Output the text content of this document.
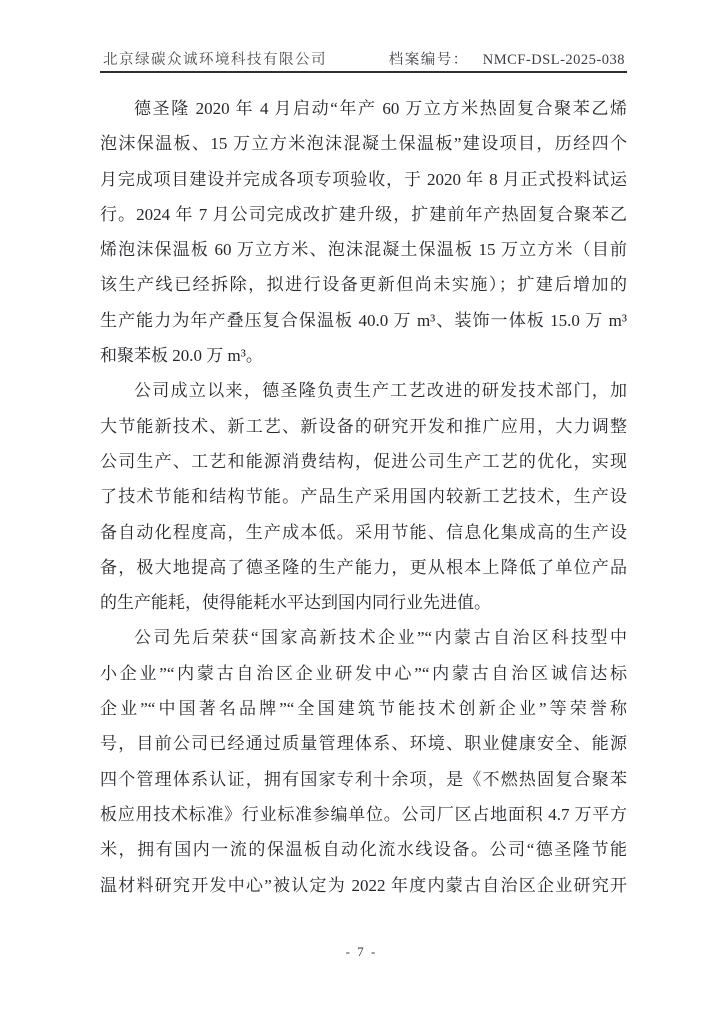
北京绿碳众诚环境科技有限公司	档案编号： NMCF-DSL-2025-038
德圣隆 2020 年 4 月启动“年产 60 万立方米热固复合聚苯乙烯
泡沫保温板、15 万立方米泡沫混凝土保温板”建设项目，历经四个
月完成项目建设并完成各项专项验收，于 2020 年 8 月正式投料试运
行。2024 年 7 月公司完成改扩建升级，扩建前年产热固复合聚苯乙
烯泡沫保温板 60 万立方米、泡沫混凝土保温板 15 万立方米（目前
该生产线已经拆除，拟进行设备更新但尚未实施）；扩建后增加的
生产能力为年产叠压复合保温板 40.0 万 m³、装饰一体板 15.0 万 m³
和聚苯板 20.0 万 m³。
公司成立以来，德圣隆负责生产工艺改进的研发技术部门，加
大节能新技术、新工艺、新设备的研究开发和推广应用，大力调整
公司生产、工艺和能源消费结构，促进公司生产工艺的优化，实现
了技术节能和结构节能。产品生产采用国内较新工艺技术，生产设
备自动化程度高，生产成本低。采用节能、信息化集成高的生产设
备，极大地提高了德圣隆的生产能力，更从根本上降低了单位产品
的生产能耗，使得能耗水平达到国内同行业先进值。
公司先后荣获“国家高新技术企业”“内蒙古自治区科技型中
小企业”“内蒙古自治区企业研发中心”“内蒙古自治区诚信达标
企业”“中国著名品牌”“全国建筑节能技术创新企业”等荣誉称
号，目前公司已经通过质量管理体系、环境、职业健康安全、能源
四个管理体系认证，拥有国家专利十余项，是《不燃热固复合聚苯
板应用技术标准》行业标准参编单位。公司厂区占地面积 4.7 万平方
米，拥有国内一流的保温板自动化流水线设备。公司“德圣隆节能
温材料研究开发中心”被认定为 2022 年度内蒙古自治区企业研究开
- 7 -
